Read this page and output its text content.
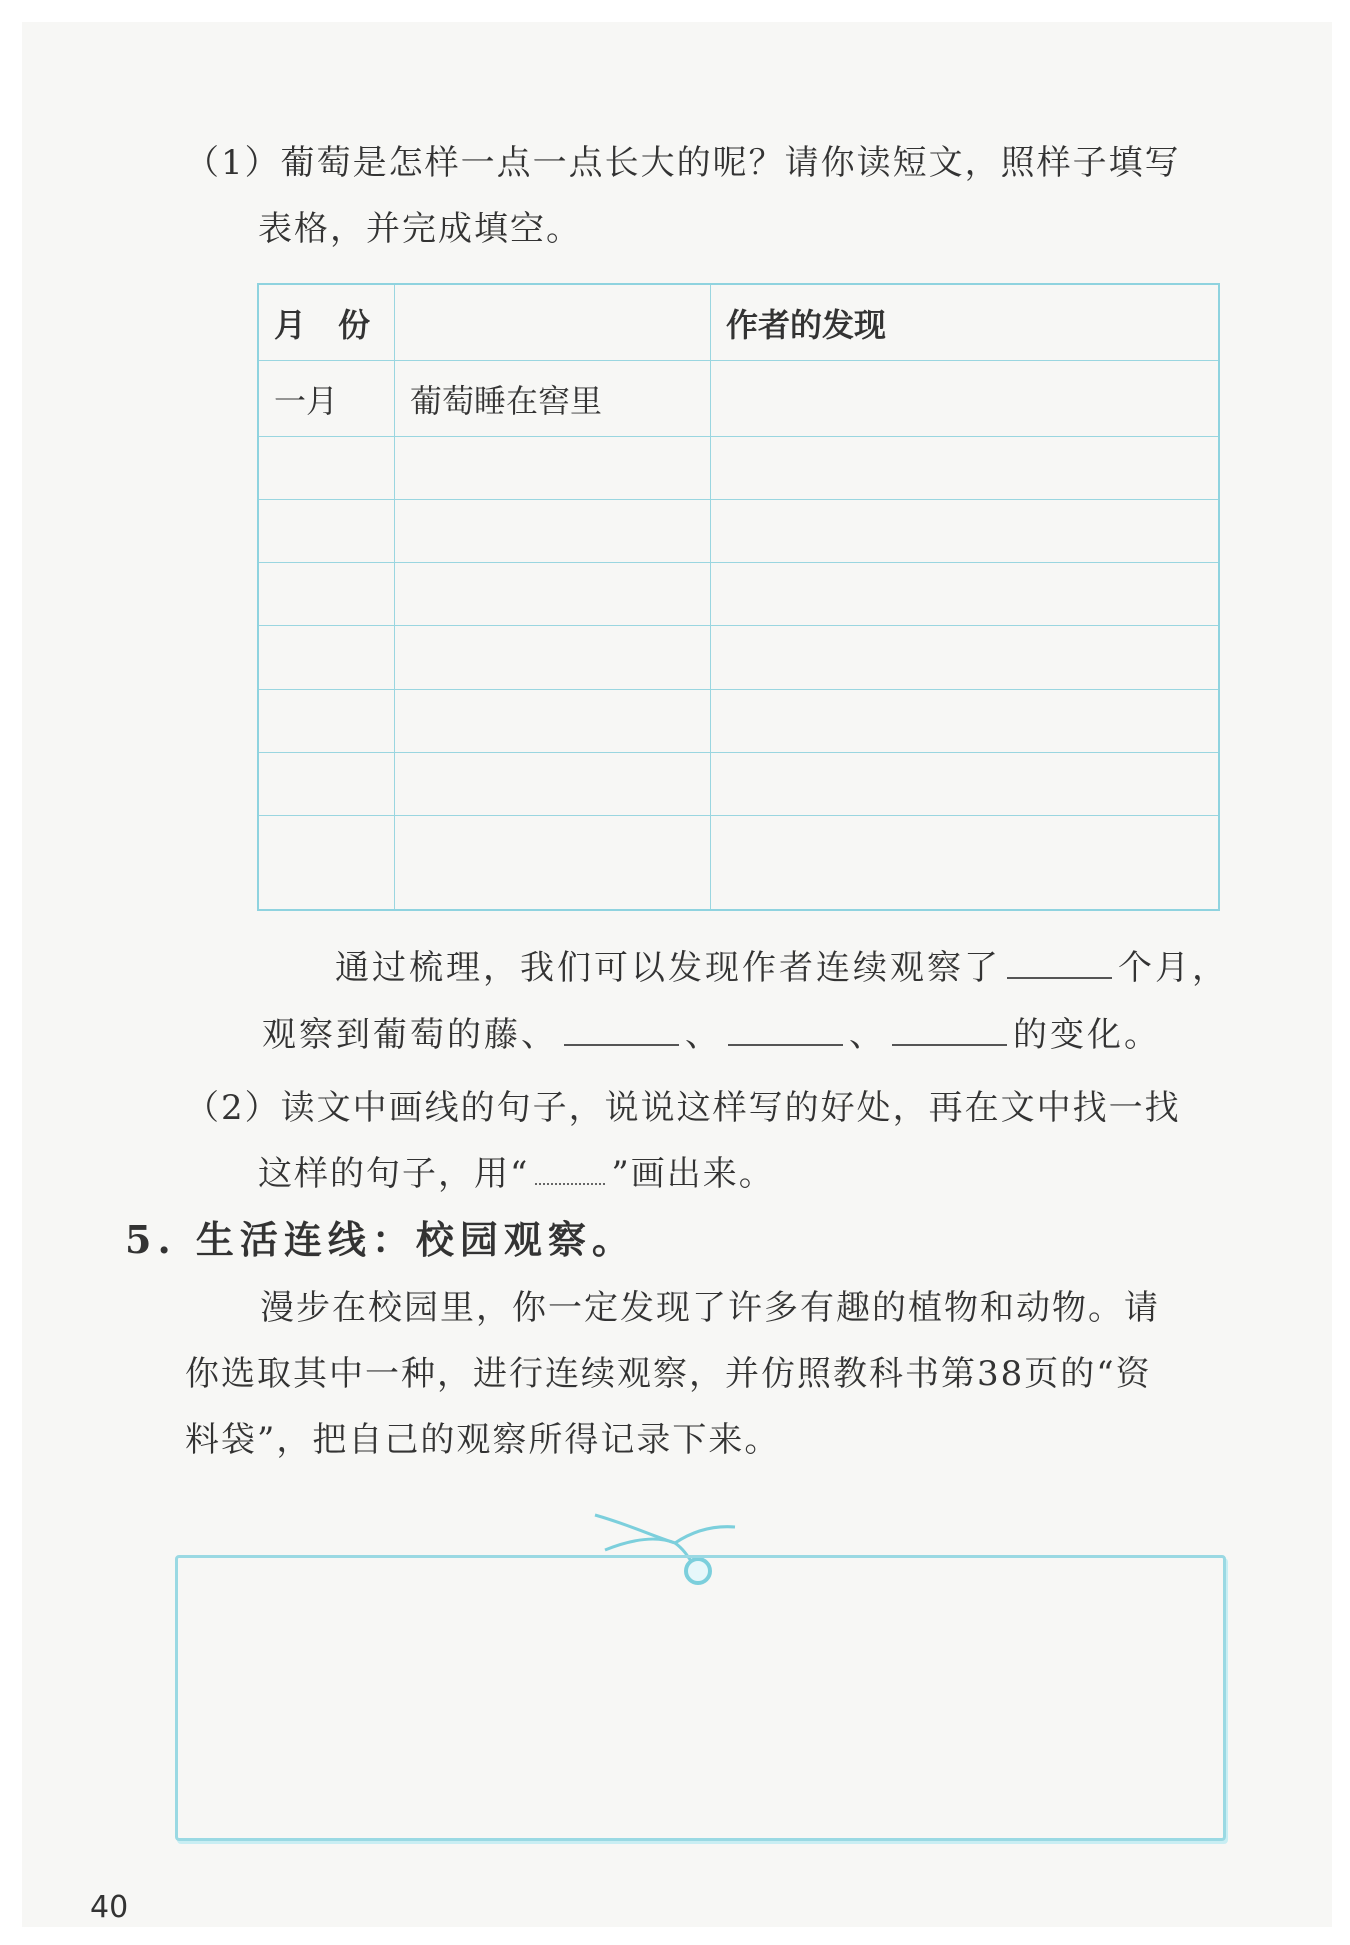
（1）葡萄是怎样一点一点长大的呢？请你读短文，照样子填写
表格，并完成填空。
月　份		作者的发现
一月	葡萄睡在窖里	

通过梳理，我们可以发现作者连续观察了	个月，
观察到葡萄的藤、	、	、	的变化。
（2）读文中画线的句子，说说这样写的好处，再在文中找一找
这样的句子，用“ ”画出来。
5. 生活连线：校园观察。
漫步在校园里，你一定发现了许多有趣的植物和动物。请
你选取其中一种，进行连续观察，并仿照教科书第38页的“资
料袋”，把自己的观察所得记录下来。
40
